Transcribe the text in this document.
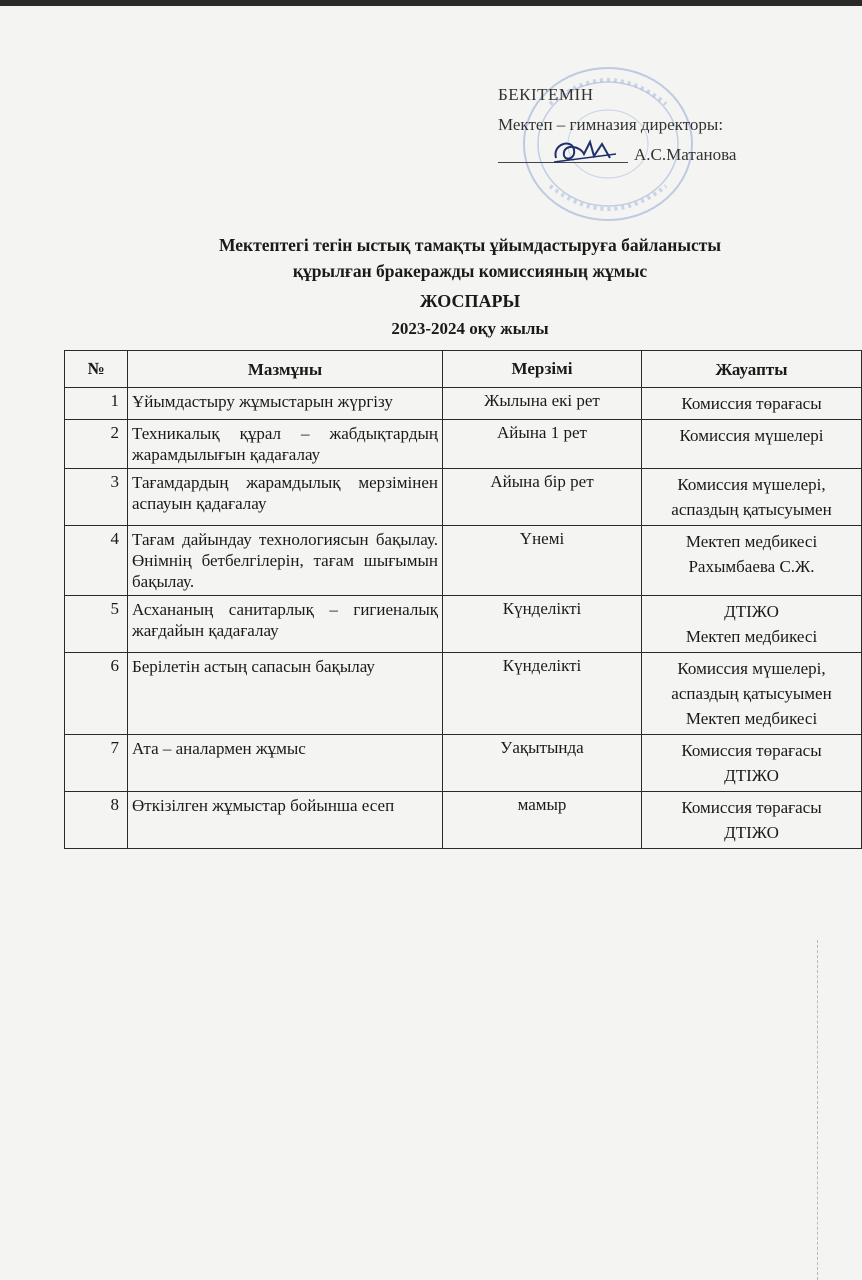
БЕКІТЕМІН
Мектеп – гимназия директоры:
А.С.Матанова
Мектептегі тегін ыстық тамақты ұйымдастыруға байланысты
құрылған бракеражды комиссияның жұмыс
ЖОСПАРЫ
2023-2024 оқу жылы
№	Мазмұны	Мерзімі	Жауапты
1	Ұйымдастыру жұмыстарын жүргізу	Жылына екі рет	Комиссия төрағасы

2	Техникалық құрал – жабдықтардың жарамдылығын қадағалау	Айына 1 рет	Комиссия мүшелері

3	Тағамдардың жарамдылық мерзімінен аспауын қадағалау	Айына бір рет	Комиссия мүшелері,
аспаздың қатысуымен

4	Тағам дайындау технологиясын бақылау. Өнімнің бетбелгілерін, тағам шығымын бақылау.	Үнемі	Мектеп медбикесі
Рахымбаева С.Ж.

5	Асхананың санитарлық – гигиеналық жағдайын қадағалау	Күнделікті	ДТІЖО
Мектеп медбикесі

6	Берілетін астың сапасын бақылау	Күнделікті	Комиссия мүшелері,
аспаздың қатысуымен
Мектеп медбикесі

7	Ата – аналармен жұмыс	Уақытында	Комиссия төрағасы
ДТІЖО

8	Өткізілген жұмыстар бойынша есеп	мамыр	Комиссия төрағасы
ДТІЖО
